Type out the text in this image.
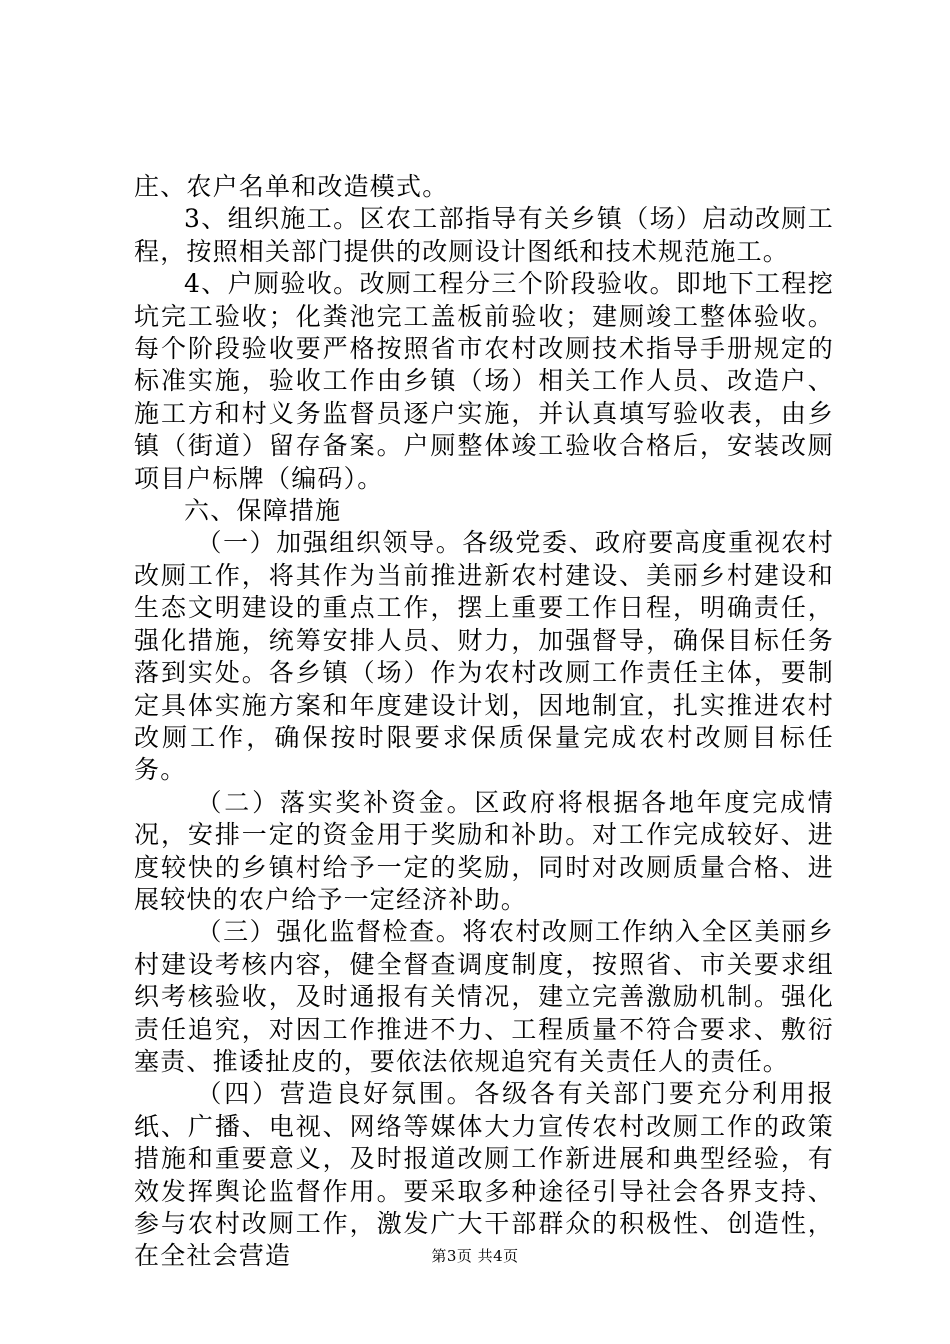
庄、农户名单和改造模式。

3、组织施工。区农工部指导有关乡镇（场）启动改厕工程，按照相关部门提供的改厕设计图纸和技术规范施工。

4、户厕验收。改厕工程分三个阶段验收。即地下工程挖坑完工验收；化粪池完工盖板前验收；建厕竣工整体验收。每个阶段验收要严格按照省市农村改厕技术指导手册规定的标准实施，验收工作由乡镇（场）相关工作人员、改造户、施工方和村义务监督员逐户实施，并认真填写验收表，由乡镇（街道）留存备案。户厕整体竣工验收合格后，安装改厕项目户标牌（编码）。

六、保障措施

（一）加强组织领导。各级党委、政府要高度重视农村改厕工作，将其作为当前推进新农村建设、美丽乡村建设和生态文明建设的重点工作，摆上重要工作日程，明确责任，强化措施，统筹安排人员、财力，加强督导，确保目标任务落到实处。各乡镇（场）作为农村改厕工作责任主体，要制定具体实施方案和年度建设计划，因地制宜，扎实推进农村改厕工作，确保按时限要求保质保量完成农村改厕目标任务。

（二）落实奖补资金。区政府将根据各地年度完成情况，安排一定的资金用于奖励和补助。对工作完成较好、进度较快的乡镇村给予一定的奖励，同时对改厕质量合格、进展较快的农户给予一定经济补助。

（三）强化监督检查。将农村改厕工作纳入全区美丽乡村建设考核内容，健全督查调度制度，按照省、市关要求组织考核验收，及时通报有关情况，建立完善激励机制。强化责任追究，对因工作推进不力、工程质量不符合要求、敷衍塞责、推诿扯皮的，要依法依规追究有关责任人的责任。

（四）营造良好氛围。各级各有关部门要充分利用报纸、广播、电视、网络等媒体大力宣传农村改厕工作的政策措施和重要意义，及时报道改厕工作新进展和典型经验，有效发挥舆论监督作用。要采取多种途径引导社会各界支持、参与农村改厕工作，激发广大干部群众的积极性、创造性，在全社会营造	第3页 共4页
